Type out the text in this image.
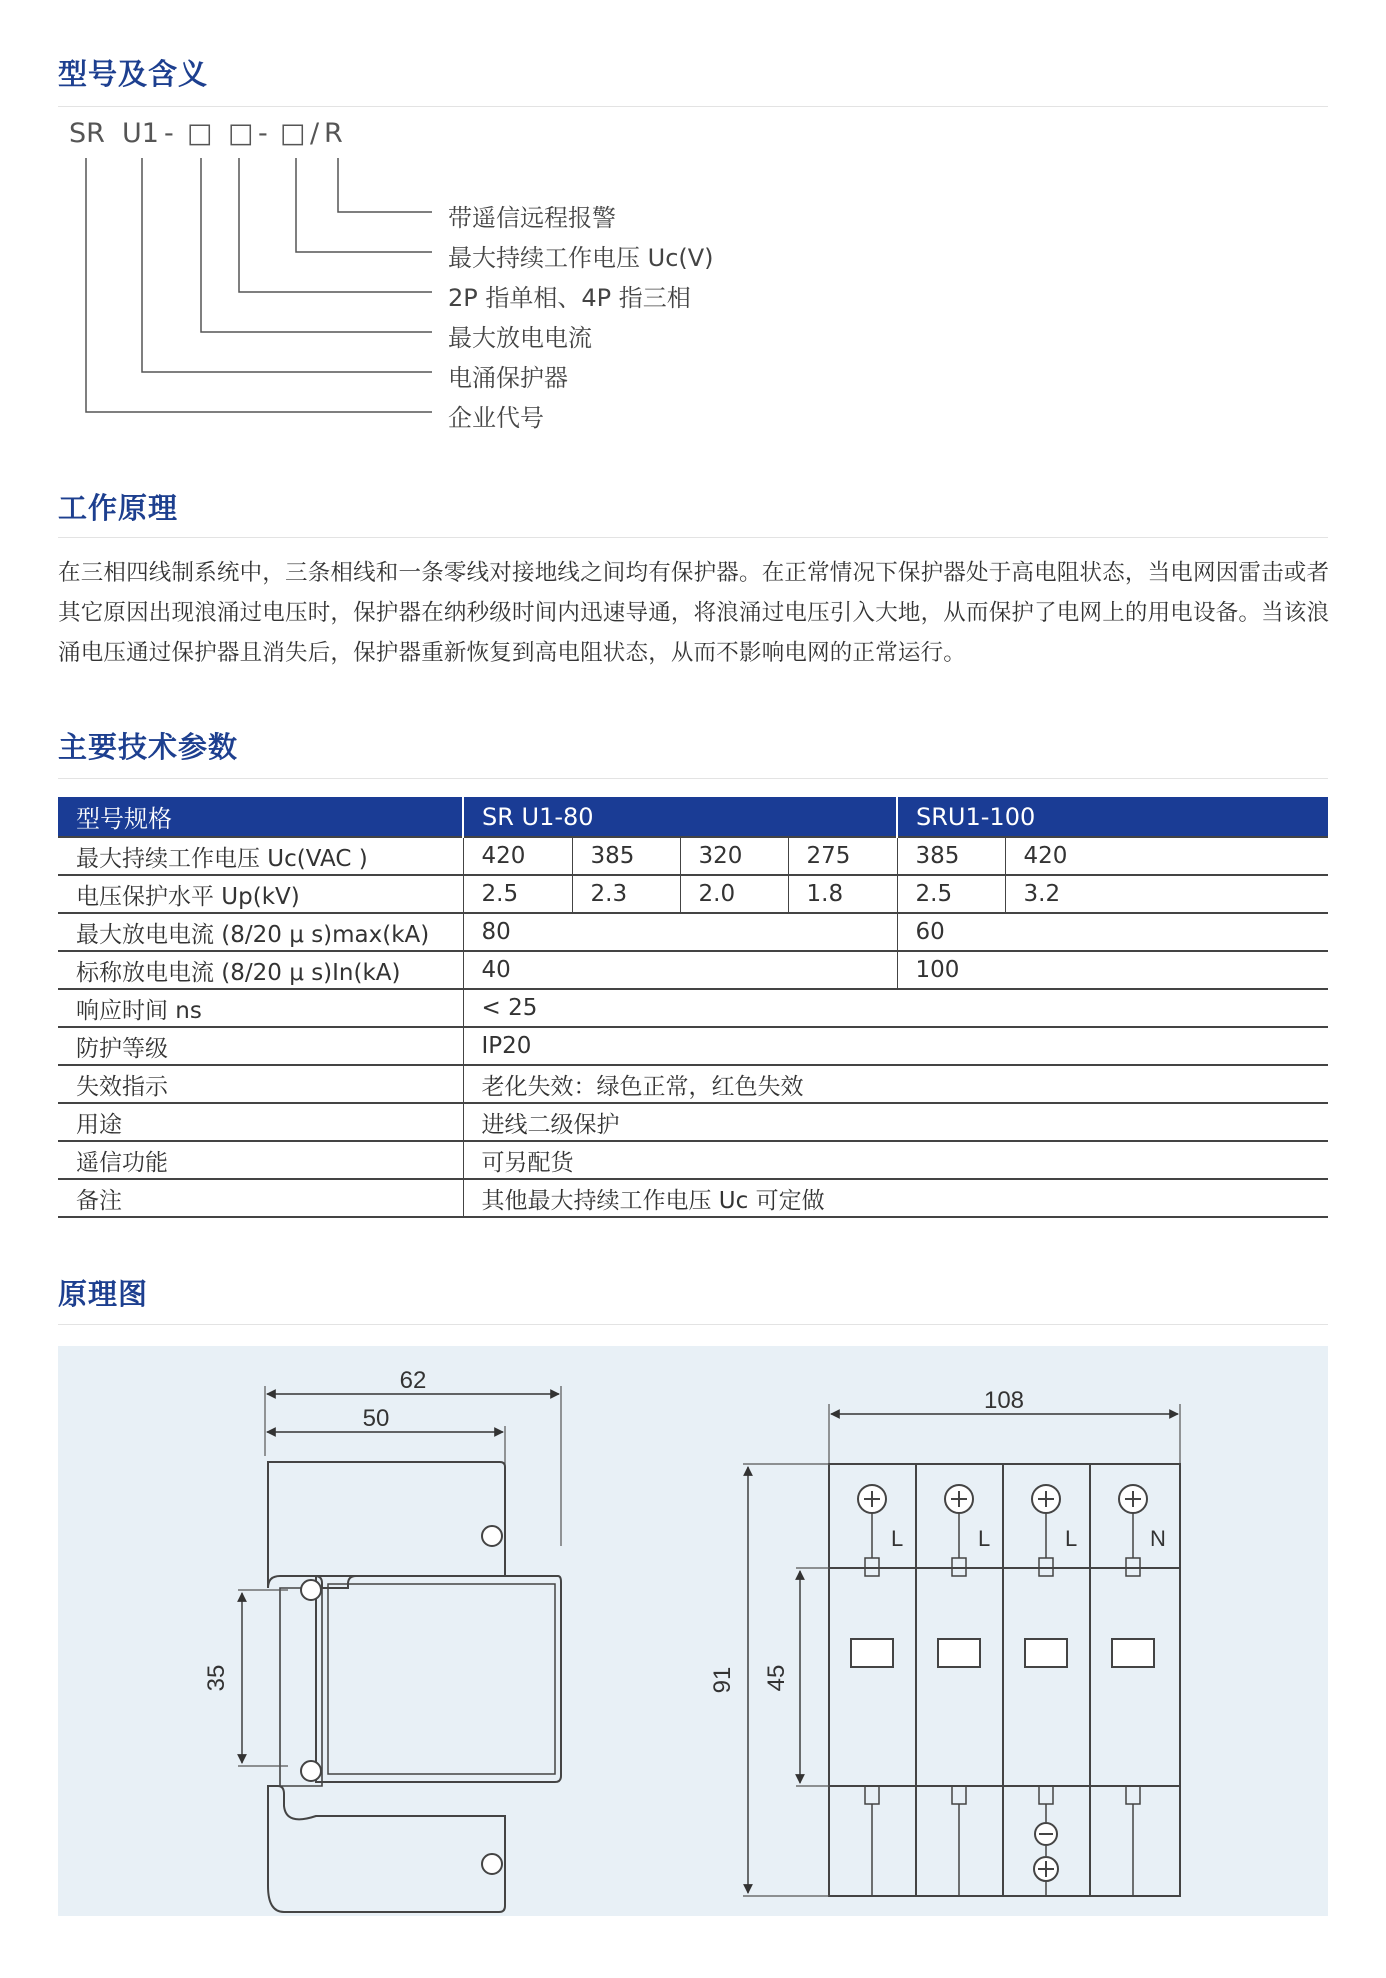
型号及含义
SR U1 - □ □ - □ / R
带遥信远程报警
最大持续工作电压 Uc(V)
2P 指单相、4P 指三相
最大放电电流
电涌保护器
企业代号
工作原理
在三相四线制系统中，三条相线和一条零线对接地线之间均有保护器。在正常情况下保护器处于高电阻状态，当电网因雷击或者其它原因出现浪涌过电压时，保护器在纳秒级时间内迅速导通，将浪涌过电压引入大地，从而保护了电网上的用电设备。当该浪涌电压通过保护器且消失后，保护器重新恢复到高电阻状态，从而不影响电网的正常运行。
主要技术参数
型号规格	SR U1-80				SRU1-100	
最大持续工作电压 Uc(VAC )	420	385	320	275	385	420
电压保护水平 Up(kV)	2.5	2.3	2.0	1.8	2.5	3.2
最大放电电流 (8/20 μ s)max(kA)	80				60	
标称放电电流 (8/20 μ s)In(kA)	40				100	
响应时间 ns	< 25					
防护等级	IP20					
失效指示	老化失效：绿色正常，红色失效					
用途	进线二级保护					
遥信功能	可另配货					
备注	其他最大持续工作电压 Uc 可定做					
原理图
62
50
35
108
L	L	L	N
91 45
